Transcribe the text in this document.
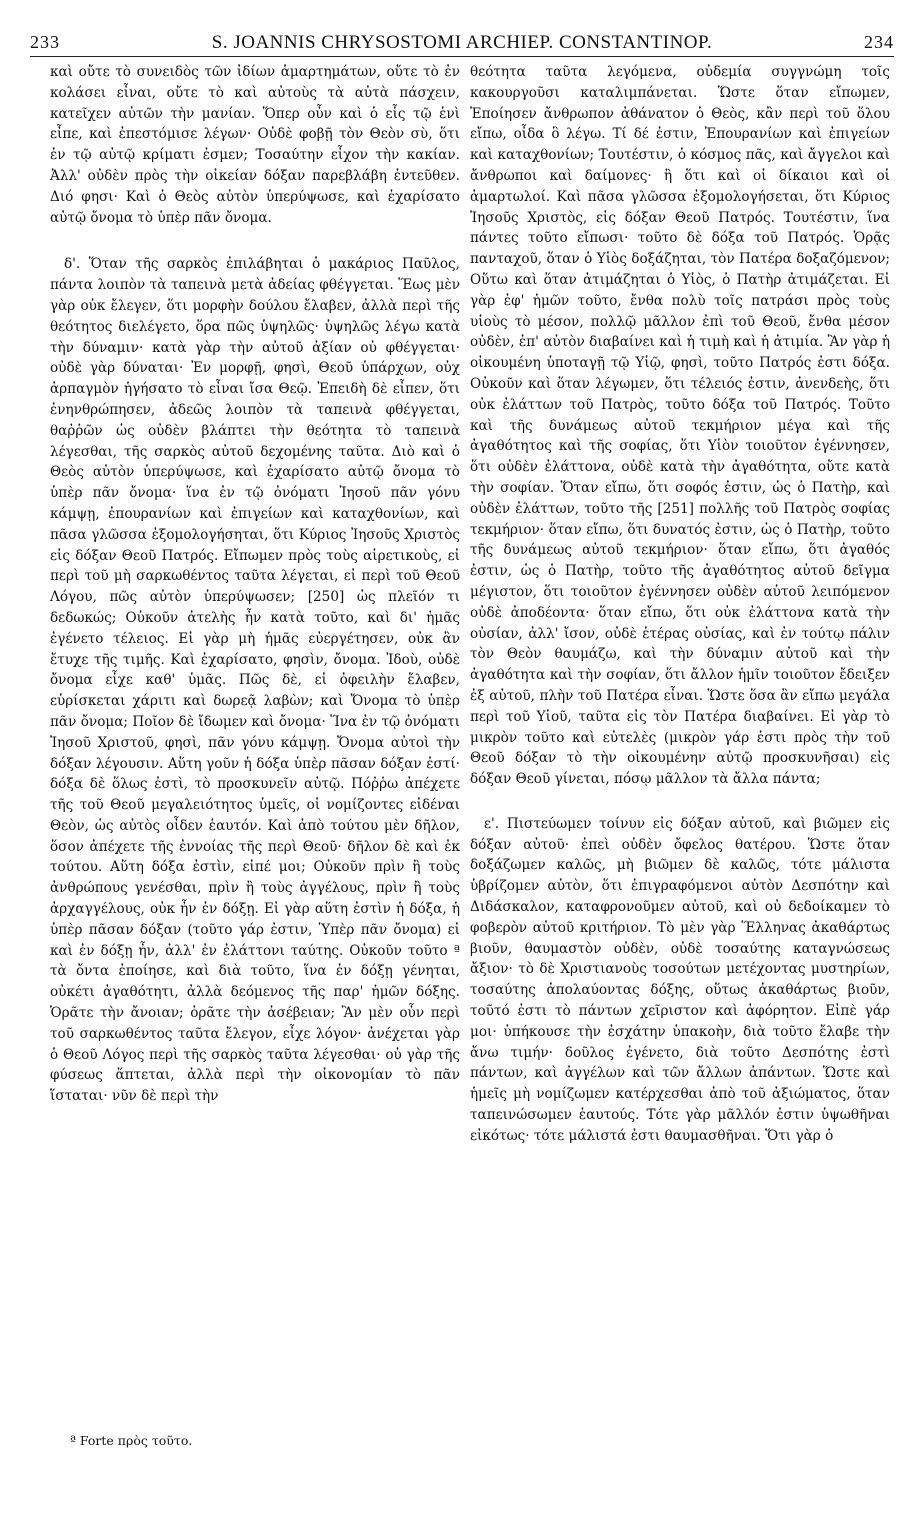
233	S. JOANNIS CHRYSOSTOMI ARCHIEP. CONSTANTINOP.	234

καὶ οὔτε τὸ συνειδὸς τῶν ἰδίων ἁμαρτημάτων, οὔτε τὸ ἐν κολάσει εἶναι, οὔτε τὸ καὶ αὐτοὺς τὰ αὐτὰ πάσχειν, κατεῖχεν αὐτῶν τὴν μανίαν. Ὅπερ οὖν καὶ ὁ εἷς τῷ ἑνὶ εἶπε, καὶ ἐπεστόμισε λέγων· Οὐδὲ φοβῇ τὸν Θεὸν σὺ, ὅτι ἐν τῷ αὐτῷ κρίματι ἐσμεν; Τοσαύτην εἶχον τὴν κακίαν. Ἀλλ' οὐδὲν πρὸς τὴν οἰκείαν δόξαν παρεβλάβη ἐντεῦθεν. Διό φησι· Καὶ ὁ Θεὸς αὐτὸν ὑπερύψωσε, καὶ ἐχαρίσατο αὐτῷ ὄνομα τὸ ὑπὲρ πᾶν ὄνομα.

δ'. Ὅταν τῆς σαρκὸς ἐπιλάβηται ὁ μακάριος Παῦλος, πάντα λοιπὸν τὰ ταπεινὰ μετὰ ἀδείας φθέγγεται. Ἕως μὲν γὰρ οὐκ ἔλεγεν, ὅτι μορφὴν δούλου ἔλαβεν, ἀλλὰ περὶ τῆς θεότητος διελέγετο, ὅρα πῶς ὑψηλῶς· ὑψηλῶς λέγω κατὰ τὴν δύναμιν· κατὰ γὰρ τὴν αὐτοῦ ἀξίαν οὐ φθέγγεται· οὐδὲ γὰρ δύναται· Ἐν μορφῇ, φησὶ, Θεοῦ ὑπάρχων, οὐχ ἁρπαγμὸν ἡγήσατο τὸ εἶναι ἴσα Θεῷ. Ἐπειδὴ δὲ εἶπεν, ὅτι ἐνηνθρώπησεν, ἀδεῶς λοιπὸν τὰ ταπεινὰ φθέγγεται, θαῤῥῶν ὡς οὐδὲν βλάπτει τὴν θεότητα τὸ ταπεινὰ λέγεσθαι, τῆς σαρκὸς αὐτοῦ δεχομένης ταῦτα. Διὸ καὶ ὁ Θεὸς αὐτὸν ὑπερύψωσε, καὶ ἐχαρίσατο αὐτῷ ὄνομα τὸ ὑπὲρ πᾶν ὄνομα· ἵνα ἐν τῷ ὀνόματι Ἰησοῦ πᾶν γόνυ κάμψῃ, ἐπουρανίων καὶ ἐπιγείων καὶ καταχθονίων, καὶ πᾶσα γλῶσσα ἐξομολογήσηται, ὅτι Κύριος Ἰησοῦς Χριστὸς εἰς δόξαν Θεοῦ Πατρός. Εἴπωμεν πρὸς τοὺς αἱρετικοὺς, εἰ περὶ τοῦ μὴ σαρκωθέντος ταῦτα λέγεται, εἰ περὶ τοῦ Θεοῦ Λόγου, πῶς αὐτὸν ὑπερύψωσεν; [250] ὡς πλεῖόν τι δεδωκώς; Οὐκοῦν ἀτελὴς ἦν κατὰ τοῦτο, καὶ δι' ἡμᾶς ἐγένετο τέλειος. Εἰ γὰρ μὴ ἡμᾶς εὐεργέτησεν, οὐκ ἂν ἔτυχε τῆς τιμῆς. Καὶ ἐχαρίσατο, φησὶν, ὄνομα. Ἰδοὺ, οὐδὲ ὄνομα εἶχε καθ' ὑμᾶς. Πῶς δὲ, εἰ ὀφειλὴν ἔλαβεν, εὑρίσκεται χάριτι καὶ δωρεᾷ λαβὼν; καὶ Ὄνομα τὸ ὑπὲρ πᾶν ὄνομα; Ποῖον δὲ ἴδωμεν καὶ ὄνομα· Ἵνα ἐν τῷ ὀνόματι Ἰησοῦ Χριστοῦ, φησὶ, πᾶν γόνυ κάμψῃ. Ὄνομα αὐτοὶ τὴν δόξαν λέγουσιν. Αὕτη γοῦν ἡ δόξα ὑπὲρ πᾶσαν δόξαν ἐστί· δόξα δὲ ὅλως ἐστὶ, τὸ προσκυνεῖν αὐτῷ. Πόῤῥω ἀπέχετε τῆς τοῦ Θεοῦ μεγαλειότητος ὑμεῖς, οἱ νομίζοντες εἰδέναι Θεὸν, ὡς αὐτὸς οἶδεν ἑαυτόν. Καὶ ἀπὸ τούτου μὲν δῆλον, ὅσον ἀπέχετε τῆς ἐννοίας τῆς περὶ Θεοῦ· δῆλον δὲ καὶ ἐκ τούτου. Αὕτη δόξα ἐστὶν, εἰπέ μοι; Οὐκοῦν πρὶν ἢ τοὺς ἀνθρώπους γενέσθαι, πρὶν ἢ τοὺς ἀγγέλους, πρὶν ἢ τοὺς ἀρχαγγέλους, οὐκ ἦν ἐν δόξῃ. Εἰ γὰρ αὕτη ἐστὶν ἡ δόξα, ἡ ὑπὲρ πᾶσαν δόξαν (τοῦτο γάρ ἐστιν, Ὑπὲρ πᾶν ὄνομα) εἰ καὶ ἐν δόξῃ ἦν, ἀλλ' ἐν ἐλάττονι ταύτης. Οὐκοῦν τοῦτο ª τὰ ὄντα ἐποίησε, καὶ διὰ τοῦτο, ἵνα ἐν δόξῃ γένηται, οὐκέτι ἀγαθότητι, ἀλλὰ δεόμενος τῆς παρ' ἡμῶν δόξης. Ὁρᾶτε τὴν ἄνοιαν; ὁρᾶτε τὴν ἀσέβειαν; Ἂν μὲν οὖν περὶ τοῦ σαρκωθέντος ταῦτα ἔλεγον, εἶχε λόγον· ἀνέχεται γὰρ ὁ Θεοῦ Λόγος περὶ τῆς σαρκὸς ταῦτα λέγεσθαι· οὐ γὰρ τῆς φύσεως ἅπτεται, ἀλλὰ περὶ τὴν οἰκονομίαν τὸ πᾶν ἵσταται· νῦν δὲ περὶ τὴν

θεότητα ταῦτα λεγόμενα, οὐδεμία συγγνώμη τοῖς κακουργοῦσι καταλιμπάνεται. Ὥστε ὅταν εἴπωμεν, Ἐποίησεν ἄνθρωπον ἀθάνατον ὁ Θεὸς, κἂν περὶ τοῦ ὅλου εἴπω, οἶδα ὃ λέγω. Τί δέ ἐστιν, Ἐπουρανίων καὶ ἐπιγείων καὶ καταχθονίων; Τουτέστιν, ὁ κόσμος πᾶς, καὶ ἄγγελοι καὶ ἄνθρωποι καὶ δαίμονες· ἢ ὅτι καὶ οἱ δίκαιοι καὶ οἱ ἁμαρτωλοί. Καὶ πᾶσα γλῶσσα ἐξομολογήσεται, ὅτι Κύριος Ἰησοῦς Χριστὸς, εἰς δόξαν Θεοῦ Πατρός. Τουτέστιν, ἵνα πάντες τοῦτο εἴπωσι· τοῦτο δὲ δόξα τοῦ Πατρός. Ὁρᾷς πανταχοῦ, ὅταν ὁ Υἱὸς δοξάζηται, τὸν Πατέρα δοξαζόμενον; Οὕτω καὶ ὅταν ἀτιμάζηται ὁ Υἱὸς, ὁ Πατὴρ ἀτιμάζεται. Εἰ γὰρ ἐφ' ἡμῶν τοῦτο, ἔνθα πολὺ τοῖς πατράσι πρὸς τοὺς υἱοὺς τὸ μέσον, πολλῷ μᾶλλον ἐπὶ τοῦ Θεοῦ, ἔνθα μέσον οὐδὲν, ἐπ' αὐτὸν διαβαίνει καὶ ἡ τιμὴ καὶ ἡ ἀτιμία. Ἂν γὰρ ἡ οἰκουμένη ὑποταγῇ τῷ Υἱῷ, φησὶ, τοῦτο Πατρός ἐστι δόξα. Οὐκοῦν καὶ ὅταν λέγωμεν, ὅτι τέλειός ἐστιν, ἀνενδεὴς, ὅτι οὐκ ἐλάττων τοῦ Πατρὸς, τοῦτο δόξα τοῦ Πατρός. Τοῦτο καὶ τῆς δυνάμεως αὐτοῦ τεκμήριον μέγα καὶ τῆς ἀγαθότητος καὶ τῆς σοφίας, ὅτι Υἱὸν τοιοῦτον ἐγέννησεν, ὅτι οὐδὲν ἐλάττονα, οὐδὲ κατὰ τὴν ἀγαθότητα, οὔτε κατὰ τὴν σοφίαν. Ὅταν εἴπω, ὅτι σοφός ἐστιν, ὡς ὁ Πατὴρ, καὶ οὐδὲν ἐλάττων, τοῦτο τῆς [251] πολλῆς τοῦ Πατρὸς σοφίας τεκμήριον· ὅταν εἴπω, ὅτι δυνατός ἐστιν, ὡς ὁ Πατὴρ, τοῦτο τῆς δυνάμεως αὐτοῦ τεκμήριον· ὅταν εἴπω, ὅτι ἀγαθός ἐστιν, ὡς ὁ Πατὴρ, τοῦτο τῆς ἀγαθότητος αὐτοῦ δεῖγμα μέγιστον, ὅτι τοιοῦτον ἐγέννησεν οὐδὲν αὐτοῦ λειπόμενον οὐδὲ ἀποδέοντα· ὅταν εἴπω, ὅτι οὐκ ἐλάττονα κατὰ τὴν οὐσίαν, ἀλλ' ἴσον, οὐδὲ ἑτέρας οὐσίας, καὶ ἐν τούτῳ πάλιν τὸν Θεὸν θαυμάζω, καὶ τὴν δύναμιν αὐτοῦ καὶ τὴν ἀγαθότητα καὶ τὴν σοφίαν, ὅτι ἄλλον ἡμῖν τοιοῦτον ἔδειξεν ἐξ αὐτοῦ, πλὴν τοῦ Πατέρα εἶναι. Ὥστε ὅσα ἂν εἴπω μεγάλα περὶ τοῦ Υἱοῦ, ταῦτα εἰς τὸν Πατέρα διαβαίνει. Εἰ γὰρ τὸ μικρὸν τοῦτο καὶ εὐτελὲς (μικρὸν γάρ ἐστι πρὸς τὴν τοῦ Θεοῦ δόξαν τὸ τὴν οἰκουμένην αὐτῷ προσκυνῆσαι) εἰς δόξαν Θεοῦ γίνεται, πόσῳ μᾶλλον τὰ ἄλλα πάντα;

ε'. Πιστεύωμεν τοίνυν εἰς δόξαν αὐτοῦ, καὶ βιῶμεν εἰς δόξαν αὐτοῦ· ἐπεὶ οὐδὲν ὄφελος θατέρου. Ὥστε ὅταν δοξάζωμεν καλῶς, μὴ βιῶμεν δὲ καλῶς, τότε μάλιστα ὑβρίζομεν αὐτὸν, ὅτι ἐπιγραφόμενοι αὐτὸν Δεσπότην καὶ Διδάσκαλον, καταφρονοῦμεν αὐτοῦ, καὶ οὐ δεδοίκαμεν τὸ φοβερὸν αὐτοῦ κριτήριον. Τὸ μὲν γὰρ Ἕλληνας ἀκαθάρτως βιοῦν, θαυμαστὸν οὐδὲν, οὐδὲ τοσαύτης καταγνώσεως ἄξιον· τὸ δὲ Χριστιανοὺς τοσούτων μετέχοντας μυστηρίων, τοσαύτης ἀπολαύοντας δόξης, οὕτως ἀκαθάρτως βιοῦν, τοῦτό ἐστι τὸ πάντων χεῖριστον καὶ ἀφόρητον. Εἰπὲ γάρ μοι· ὑπήκουσε τὴν ἐσχάτην ὑπακοὴν, διὰ τοῦτο ἔλαβε τὴν ἄνω τιμήν· δοῦλος ἐγένετο, διὰ τοῦτο Δεσπότης ἐστὶ πάντων, καὶ ἀγγέλων καὶ τῶν ἄλλων ἁπάντων. Ὥστε καὶ ἡμεῖς μὴ νομίζωμεν κατέρχεσθαι ἀπὸ τοῦ ἀξιώματος, ὅταν ταπεινώσωμεν ἑαυτούς. Τότε γὰρ μᾶλλόν ἐστιν ὑψωθῆναι εἰκότως· τότε μάλιστά ἐστι θαυμασθῆναι. Ὅτι γὰρ ὁ

ª Forte πρὸς τοῦτο.
